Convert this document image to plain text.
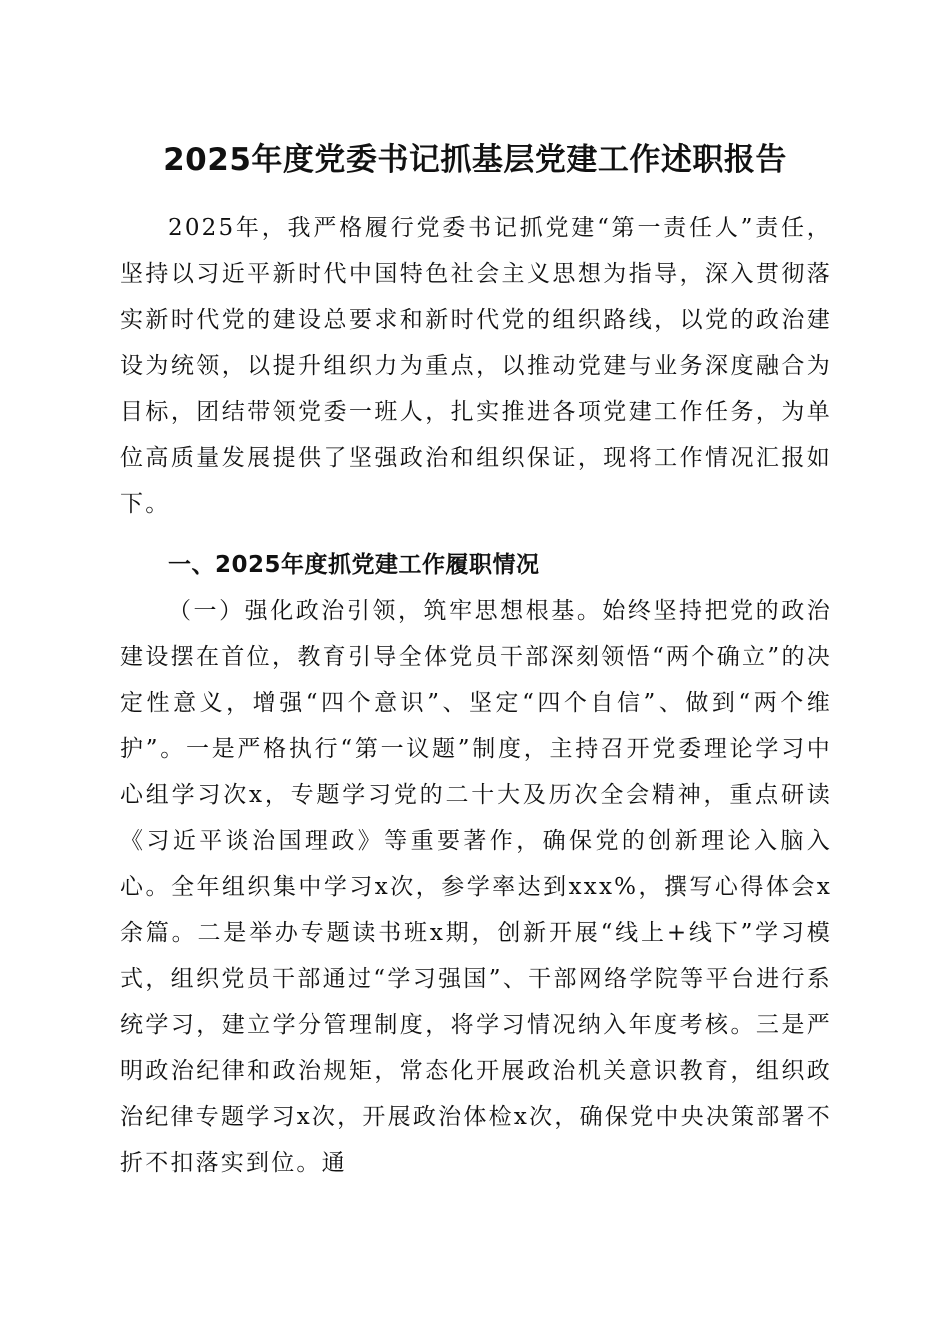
2025年度党委书记抓基层党建工作述职报告

2025年，我严格履行党委书记抓党建“第一责任人”责任，坚持以习近平新时代中国特色社会主义思想为指导，深入贯彻落实新时代党的建设总要求和新时代党的组织路线，以党的政治建设为统领，以提升组织力为重点，以推动党建与业务深度融合为目标，团结带领党委一班人，扎实推进各项党建工作任务，为单位高质量发展提供了坚强政治和组织保证，现将工作情况汇报如下。

一、2025年度抓党建工作履职情况

（一）强化政治引领，筑牢思想根基。始终坚持把党的政治建设摆在首位，教育引导全体党员干部深刻领悟“两个确立”的决定性意义，增强“四个意识”、坚定“四个自信”、做到“两个维护”。一是严格执行“第一议题”制度，主持召开党委理论学习中心组学习次x，专题学习党的二十大及历次全会精神，重点研读《习近平谈治国理政》等重要著作，确保党的创新理论入脑入心。全年组织集中学习x次，参学率达到xxx%，撰写心得体会x余篇。二是举办专题读书班x期，创新开展“线上+线下”学习模式，组织党员干部通过“学习强国”、干部网络学院等平台进行系统学习，建立学分管理制度，将学习情况纳入年度考核。三是严明政治纪律和政治规矩，常态化开展政治机关意识教育，组织政治纪律专题学习x次，开展政治体检x次，确保党中央决策部署不折不扣落实到位。通
